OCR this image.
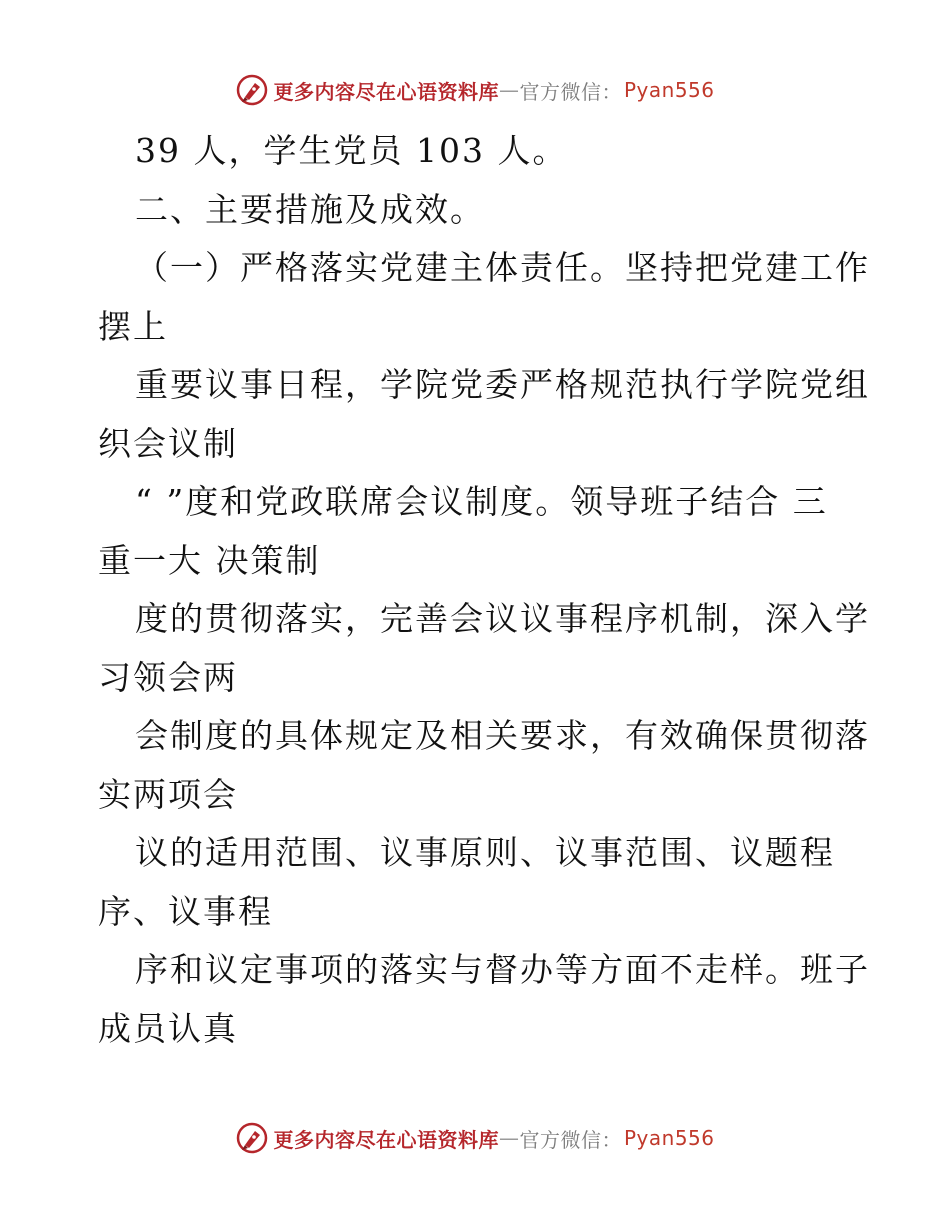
更多内容尽在心语资料库 — 官方微信： Pyan556
39 人，学生党员 103 人。
二、主要措施及成效。
（一）严格落实党建主体责任。坚持把党建工作
摆上
重要议事日程，学院党委严格规范执行学院党组
织会议制
“ ”度和党政联席会议制度。领导班子结合 三
重一大 决策制
度的贯彻落实，完善会议议事程序机制，深入学
习领会两
会制度的具体规定及相关要求，有效确保贯彻落
实两项会
议的适用范围、议事原则、议事范围、议题程
序、议事程
序和议定事项的落实与督办等方面不走样。班子
成员认真
更多内容尽在心语资料库 — 官方微信： Pyan556
